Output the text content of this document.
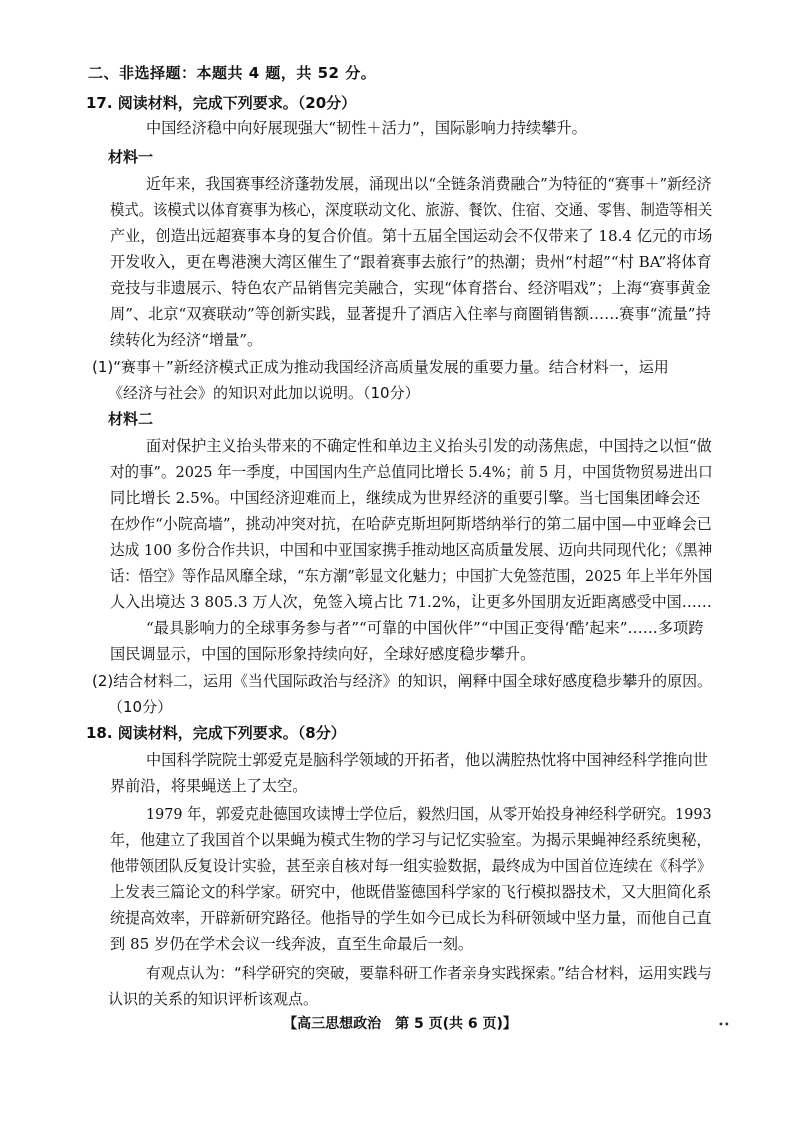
二、非选择题：本题共 4 题，共 52 分。
17. 阅读材料，完成下列要求。（20分）
中国经济稳中向好展现强大“韧性＋活力”，国际影响力持续攀升。
材料一
近年来，我国赛事经济蓬勃发展，涌现出以“全链条消费融合”为特征的“赛事＋”新经济
模式。该模式以体育赛事为核心，深度联动文化、旅游、餐饮、住宿、交通、零售、制造等相关
产业，创造出远超赛事本身的复合价值。第十五届全国运动会不仅带来了 18.4 亿元的市场
开发收入，更在粤港澳大湾区催生了“跟着赛事去旅行”的热潮；贵州“村超”“村 BA”将体育
竞技与非遗展示、特色农产品销售完美融合，实现“体育搭台、经济唱戏”；上海“赛事黄金
周”、北京“双赛联动”等创新实践，显著提升了酒店入住率与商圈销售额……赛事“流量”持
续转化为经济“增量”。
(1)“赛事＋”新经济模式正成为推动我国经济高质量发展的重要力量。结合材料一，运用
《经济与社会》的知识对此加以说明。（10分）
材料二
面对保护主义抬头带来的不确定性和单边主义抬头引发的动荡焦虑，中国持之以恒“做
对的事”。2025 年一季度，中国国内生产总值同比增长 5.4%；前 5 月，中国货物贸易进出口
同比增长 2.5%。中国经济迎难而上，继续成为世界经济的重要引擎。当七国集团峰会还
在炒作“小院高墙”，挑动冲突对抗，在哈萨克斯坦阿斯塔纳举行的第二届中国—中亚峰会已
达成 100 多份合作共识，中国和中亚国家携手推动地区高质量发展、迈向共同现代化；《黑神
话：悟空》等作品风靡全球，“东方潮”彰显文化魅力；中国扩大免签范围，2025 年上半年外国
人入出境达 3 805.3 万人次，免签入境占比 71.2%，让更多外国朋友近距离感受中国……
“最具影响力的全球事务参与者”“可靠的中国伙伴”“中国正变得‘酷’起来”……多项跨
国民调显示，中国的国际形象持续向好，全球好感度稳步攀升。
(2)结合材料二，运用《当代国际政治与经济》的知识，阐释中国全球好感度稳步攀升的原因。
（10分）
18. 阅读材料，完成下列要求。（8分）
中国科学院院士郭爱克是脑科学领域的开拓者，他以满腔热忱将中国神经科学推向世
界前沿，将果蝇送上了太空。
1979 年，郭爱克赴德国攻读博士学位后，毅然归国，从零开始投身神经科学研究。1993
年，他建立了我国首个以果蝇为模式生物的学习与记忆实验室。为揭示果蝇神经系统奥秘，
他带领团队反复设计实验，甚至亲自核对每一组实验数据，最终成为中国首位连续在《科学》
上发表三篇论文的科学家。研究中，他既借鉴德国科学家的飞行模拟器技术，又大胆简化系
统提高效率，开辟新研究路径。他指导的学生如今已成长为科研领域中坚力量，而他自己直
到 85 岁仍在学术会议一线奔波，直至生命最后一刻。
有观点认为：“科学研究的突破，要靠科研工作者亲身实践探索。”结合材料，运用实践与
认识的关系的知识评析该观点。
【高三思想政治　第 5 页(共 6 页)】	••
